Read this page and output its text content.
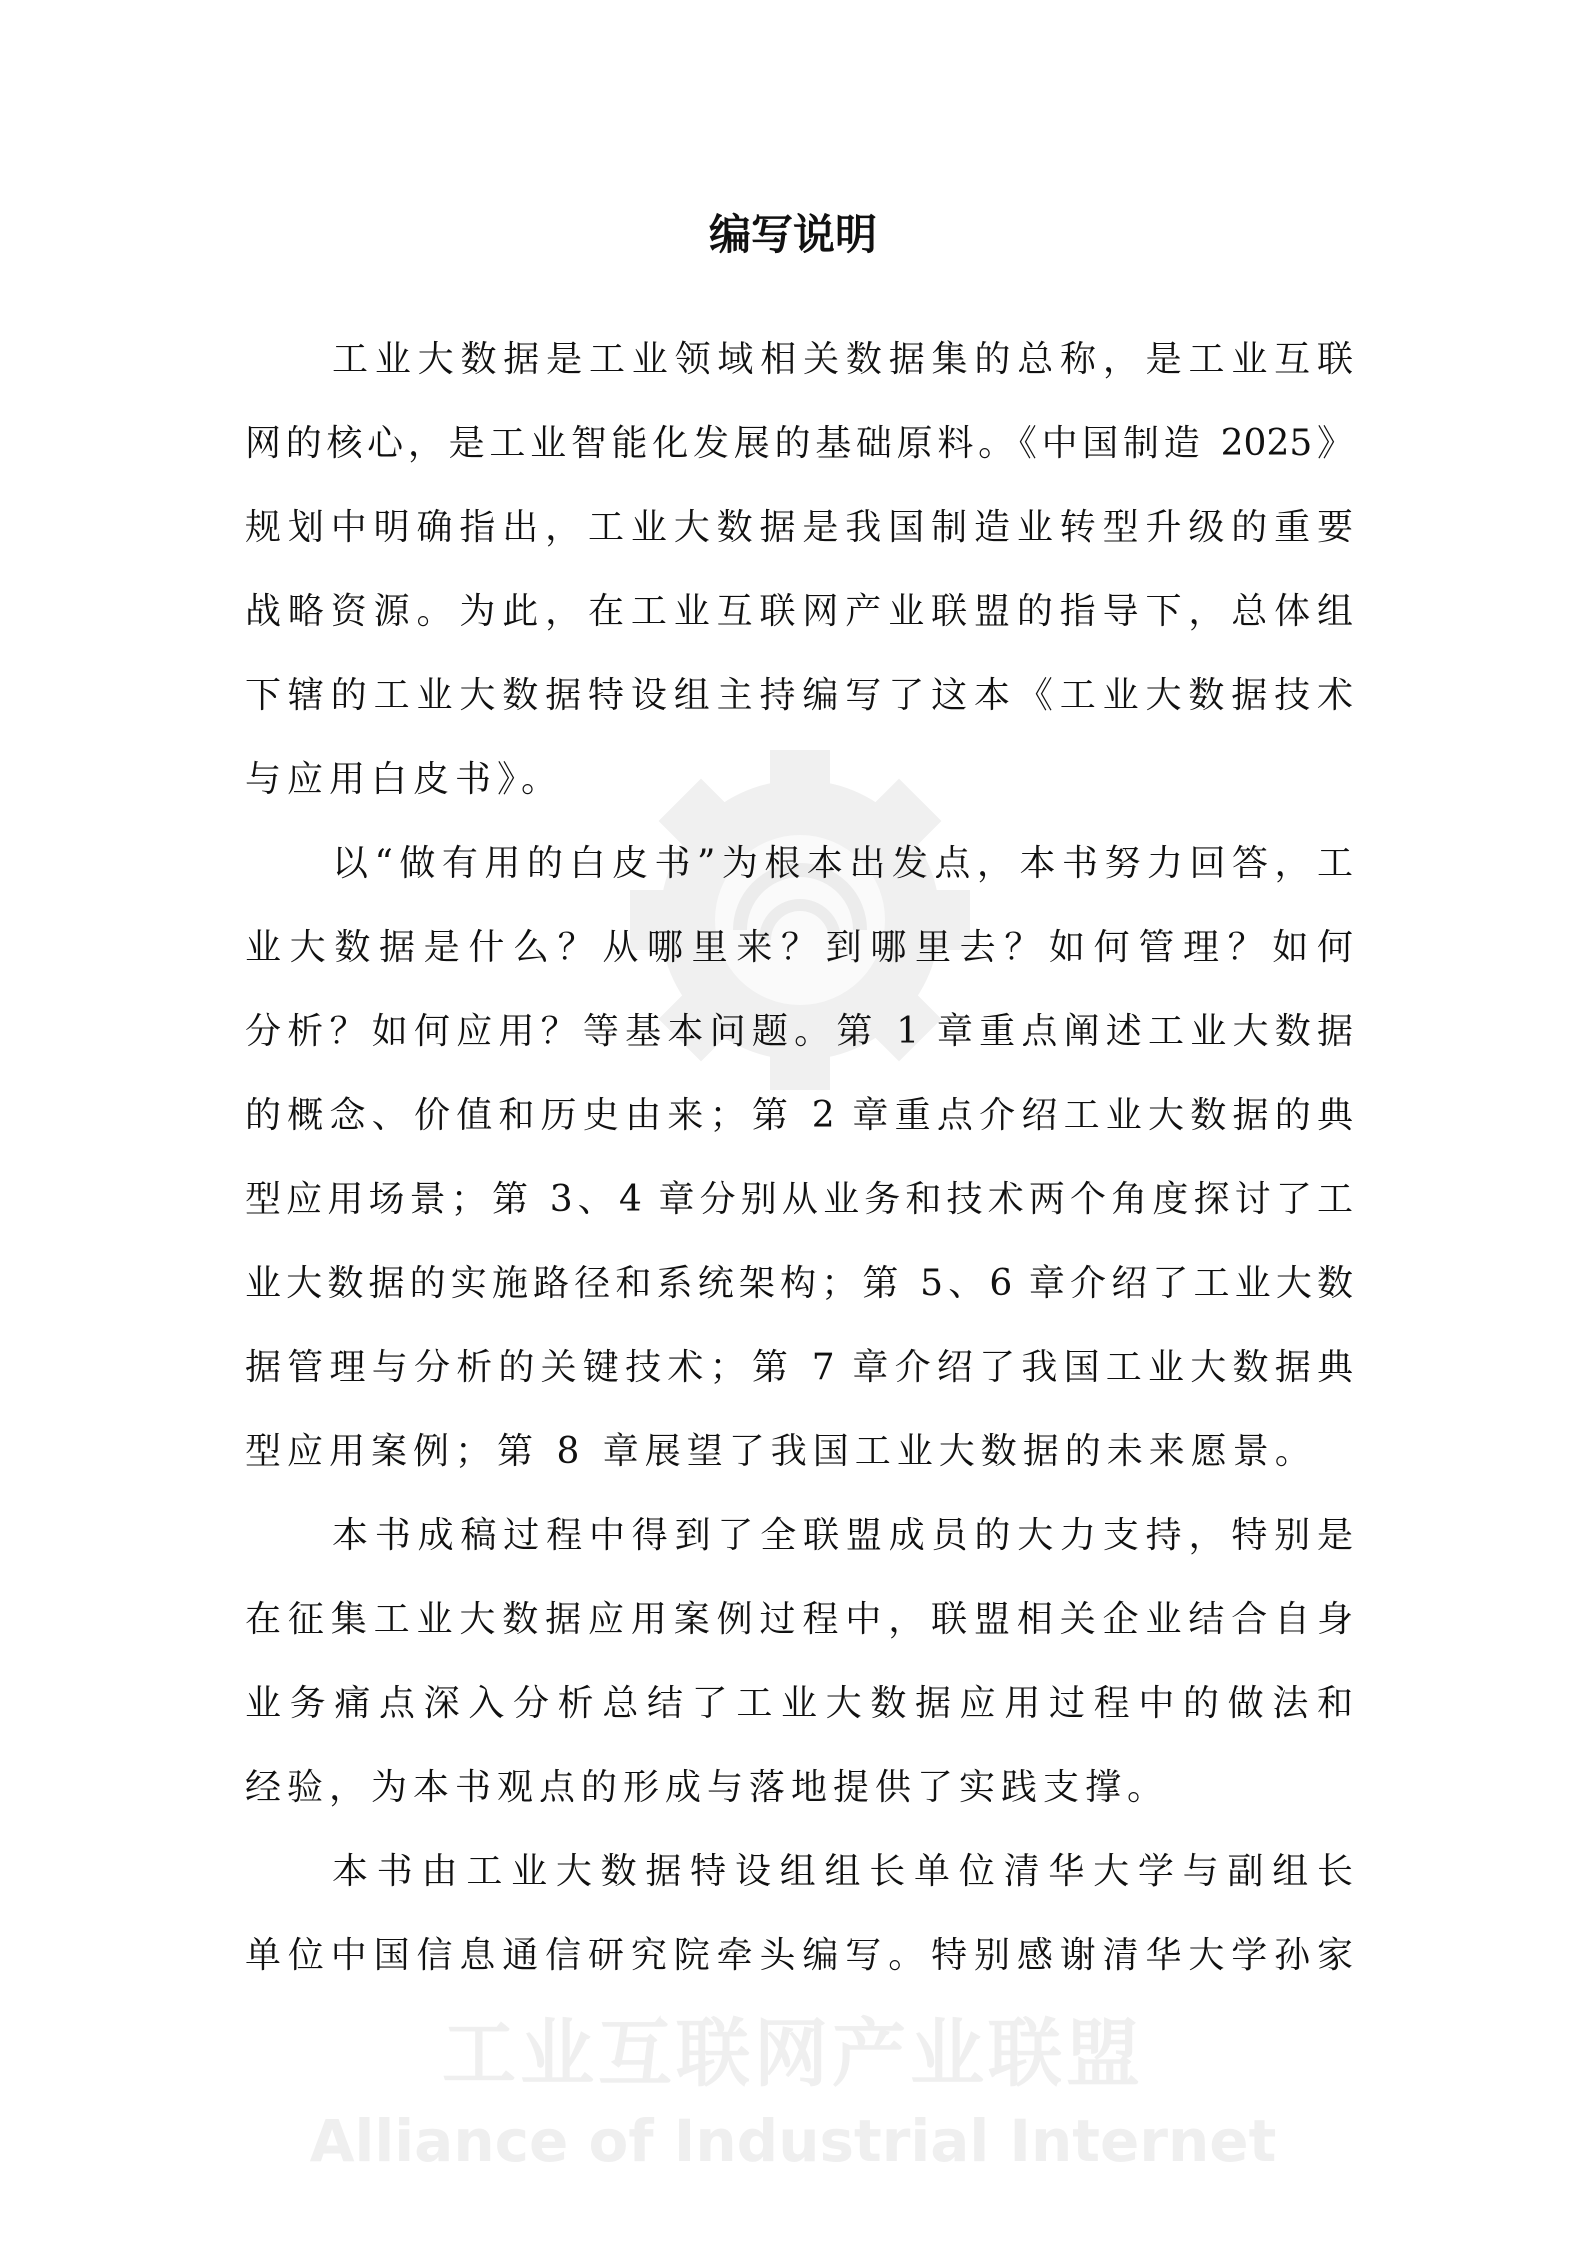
工业互联网产业联盟
Alliance of Industrial Internet
编写说明
工业大数据是工业领域相关数据集的总称，是工业互联
网的核心，是工业智能化发展的基础原料。《中国制造 2025》
规划中明确指出，工业大数据是我国制造业转型升级的重要
战略资源。为此，在工业互联网产业联盟的指导下，总体组
下辖的工业大数据特设组主持编写了这本《工业大数据技术
与应用白皮书》。
以“做有用的白皮书”为根本出发点，本书努力回答，工
业大数据是什么？从哪里来？到哪里去？如何管理？如何
分析？如何应用？等基本问题。第 1 章重点阐述工业大数据
的概念、价值和历史由来；第 2 章重点介绍工业大数据的典
型应用场景；第 3、4 章分别从业务和技术两个角度探讨了工
业大数据的实施路径和系统架构；第 5、6 章介绍了工业大数
据管理与分析的关键技术；第 7 章介绍了我国工业大数据典
型应用案例；第 8 章展望了我国工业大数据的未来愿景。
本书成稿过程中得到了全联盟成员的大力支持，特别是
在征集工业大数据应用案例过程中，联盟相关企业结合自身
业务痛点深入分析总结了工业大数据应用过程中的做法和
经验，为本书观点的形成与落地提供了实践支撑。
本书由工业大数据特设组组长单位清华大学与副组长
单位中国信息通信研究院牵头编写。特别感谢清华大学孙家
